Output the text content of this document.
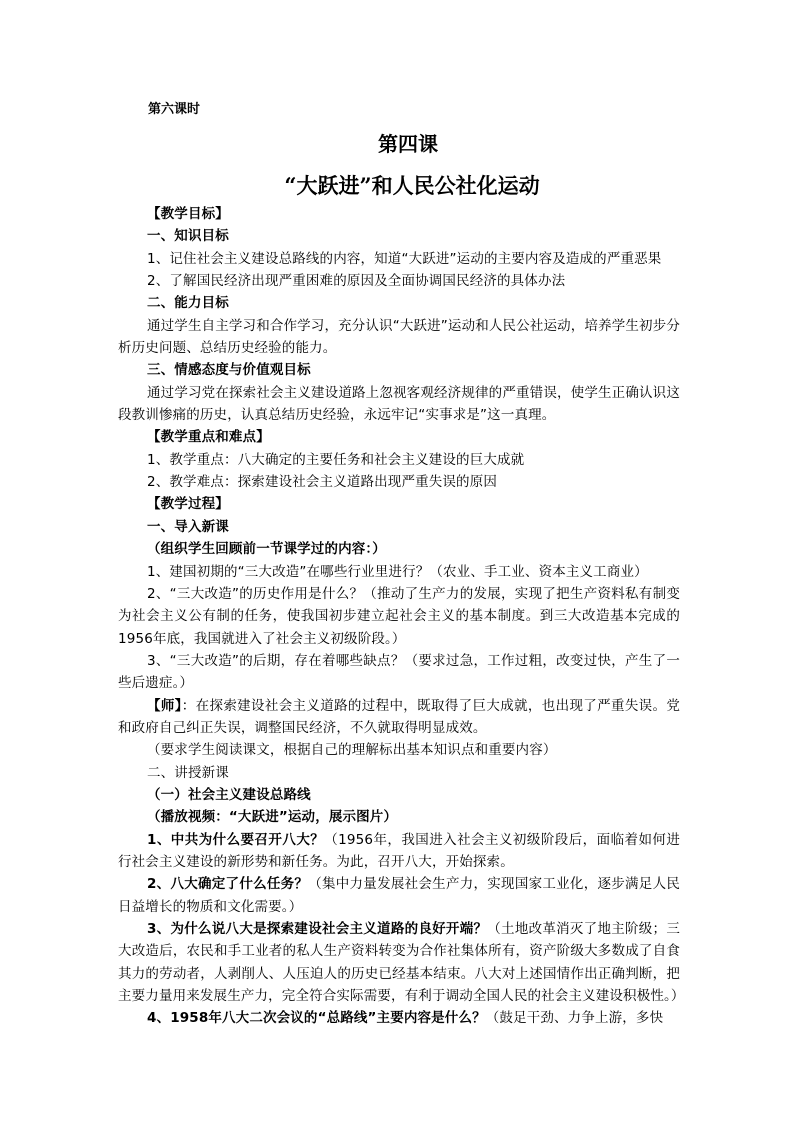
第六课时
第四课
“大跃进”和人民公社化运动

【教学目标】

一、知识目标

1、记住社会主义建设总路线的内容，知道“大跃进”运动的主要内容及造成的严重恶果

2、了解国民经济出现严重困难的原因及全面协调国民经济的具体办法

二、能力目标

通过学生自主学习和合作学习，充分认识“大跃进”运动和人民公社运动，培养学生初步分析历史问题、总结历史经验的能力。

三、情感态度与价值观目标

通过学习党在探索社会主义建设道路上忽视客观经济规律的严重错误，使学生正确认识这段教训惨痛的历史，认真总结历史经验，永远牢记“实事求是”这一真理。

【教学重点和难点】

1、教学重点：八大确定的主要任务和社会主义建设的巨大成就

2、教学难点：探索建设社会主义道路出现严重失误的原因

【教学过程】

一、导入新课

（组织学生回顾前一节课学过的内容：）

1、建国初期的“三大改造”在哪些行业里进行？（农业、手工业、资本主义工商业）

2、“三大改造”的历史作用是什么？（推动了生产力的发展，实现了把生产资料私有制变为社会主义公有制的任务，使我国初步建立起社会主义的基本制度。到三大改造基本完成的1956年底，我国就进入了社会主义初级阶段。）

3、“三大改造”的后期，存在着哪些缺点？（要求过急，工作过粗，改变过快，产生了一些后遗症。）

【师】：在探索建设社会主义道路的过程中，既取得了巨大成就，也出现了严重失误。党和政府自己纠正失误，调整国民经济，不久就取得明显成效。

（要求学生阅读课文，根据自己的理解标出基本知识点和重要内容）

二、讲授新课

（一）社会主义建设总路线

（播放视频：“大跃进”运动，展示图片）

1、中共为什么要召开八大？（1956年，我国进入社会主义初级阶段后，面临着如何进行社会主义建设的新形势和新任务。为此，召开八大，开始探索。

2、八大确定了什么任务？（集中力量发展社会生产力，实现国家工业化，逐步满足人民日益增长的物质和文化需要。）

3、为什么说八大是探索建设社会主义道路的良好开端？（土地改革消灭了地主阶级；三大改造后，农民和手工业者的私人生产资料转变为合作社集体所有，资产阶级大多数成了自食其力的劳动者，人剥削人、人压迫人的历史已经基本结束。八大对上述国情作出正确判断，把主要力量用来发展生产力，完全符合实际需要，有利于调动全国人民的社会主义建设积极性。）

4、1958年八大二次会议的“总路线”主要内容是什么？（鼓足干劲、力争上游，多快
